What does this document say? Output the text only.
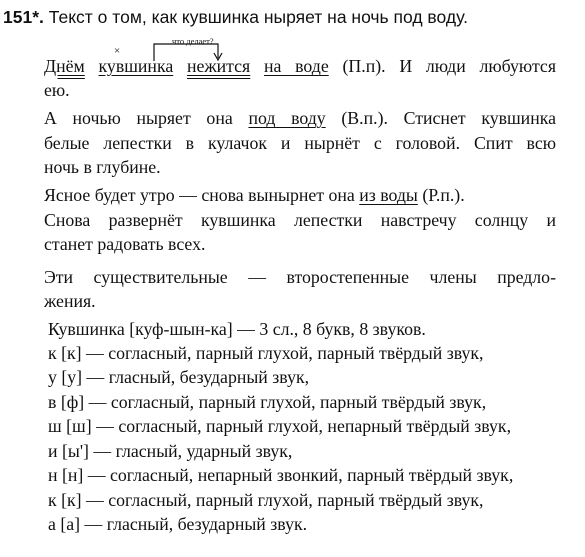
151*. Текст о том, как кувшинка ныряет на ночь под воду.
что делает?
×
Днём кувшинка нежится на воде (П.п). И люди любуются
ею.
А ночью ныряет она под воду (В.п.). Стиснет кувшинка
белые лепестки в кулачок и нырнёт с головой. Спит всю
ночь в глубине.
Ясное будет утро — снова вынырнет она из воды (Р.п.).
Снова развернёт кувшинка лепестки навстречу солнцу и
станет радовать всех.
Эти существительные — второстепенные члены предло-
жения.
Кувшинка [куф-шын-ка] — 3 сл., 8 букв, 8 звуков.
к [к] — согласный, парный глухой, парный твёрдый звук,
у [у] — гласный, безударный звук,
в [ф] — согласный, парный глухой, парный твёрдый звук,
ш [ш] — согласный, парный глухой, непарный твёрдый звук,
и [ы'] — гласный, ударный звук,
н [н] — согласный, непарный звонкий, парный твёрдый звук,
к [к] — согласный, парный глухой, парный твёрдый звук,
а [а] — гласный, безударный звук.
